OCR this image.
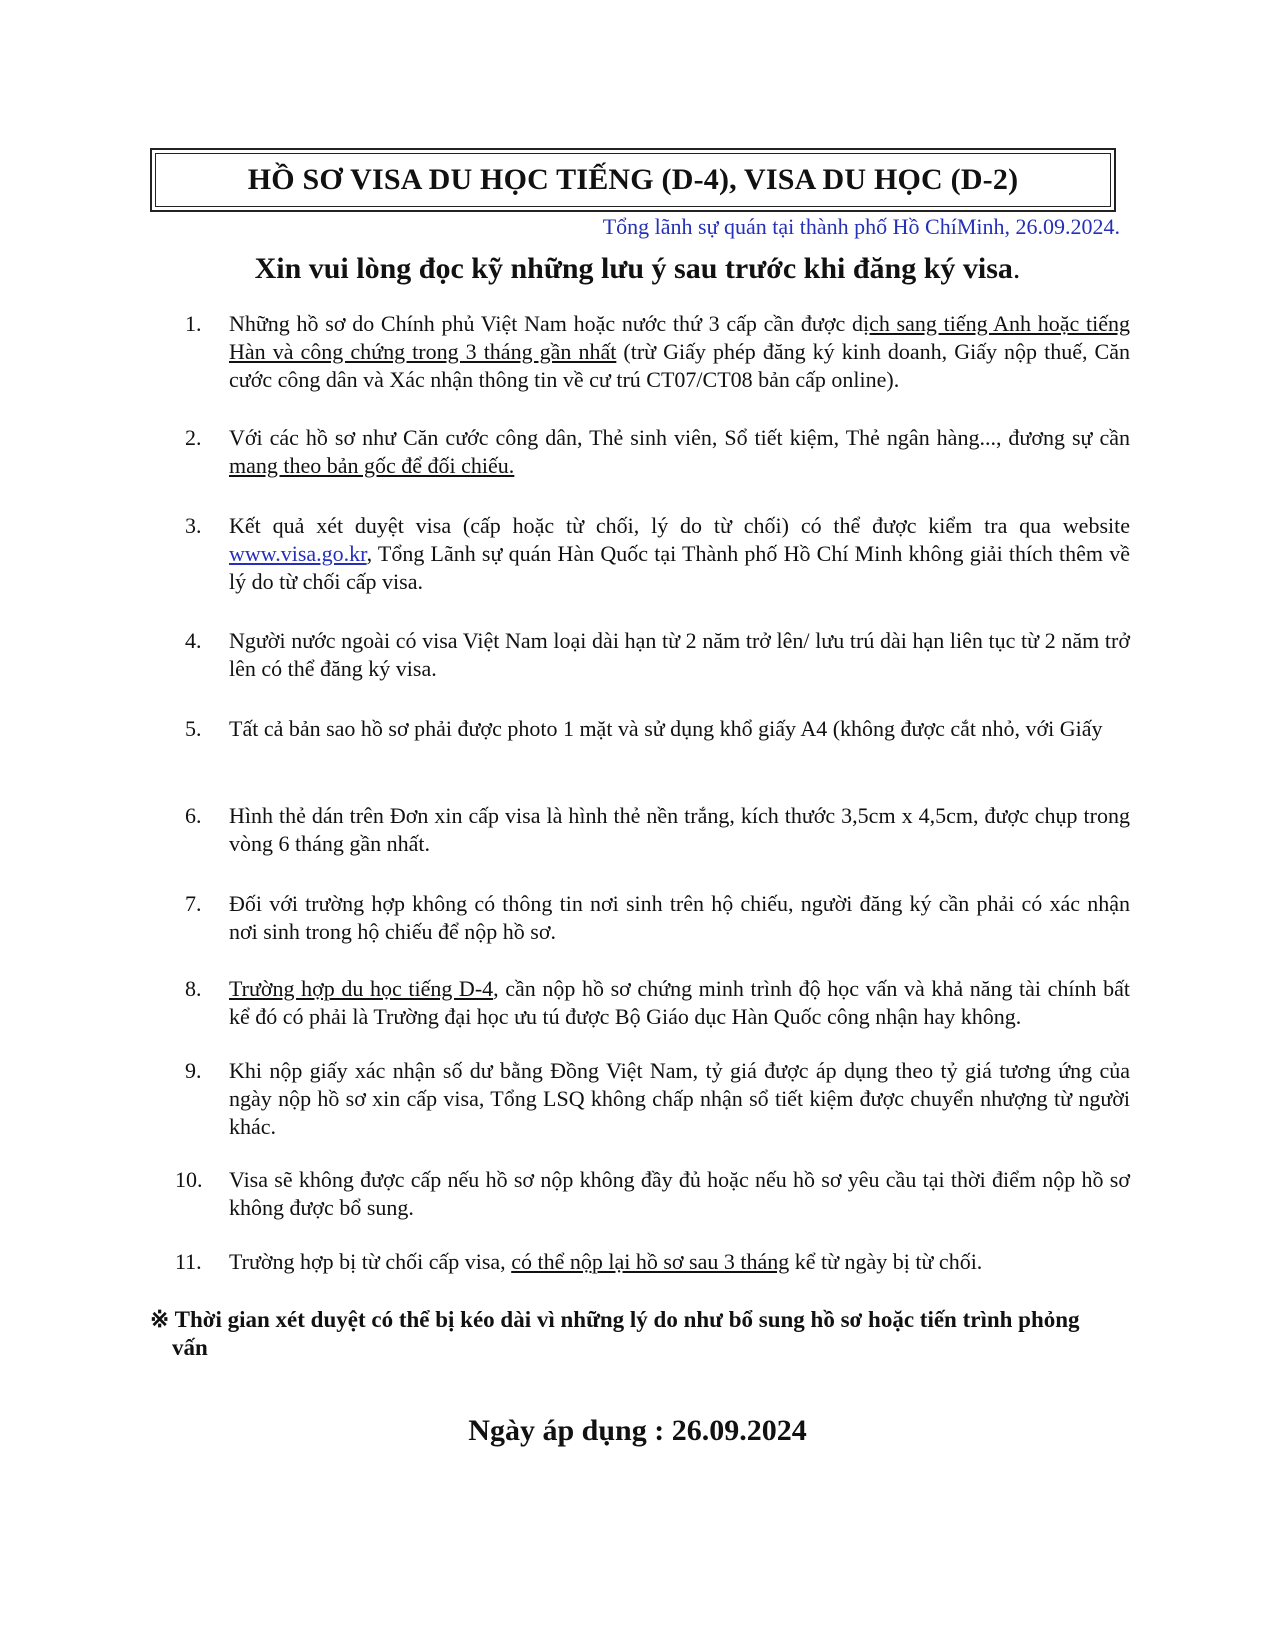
HỒ SƠ VISA DU HỌC TIẾNG (D-4), VISA DU HỌC (D-2)
Tổng lãnh sự quán tại thành phố Hồ ChíMinh, 26.09.2024.
Xin vui lòng đọc kỹ những lưu ý sau trước khi đăng ký visa.
1.	Những hồ sơ do Chính phủ Việt Nam hoặc nước thứ 3 cấp cần được dịch sang tiếng Anh hoặc tiếng Hàn và công chứng trong 3 tháng gần nhất (trừ Giấy phép đăng ký kinh doanh, Giấy nộp thuế, Căn cước công dân và Xác nhận thông tin về cư trú CT07/CT08 bản cấp online).
2.	Với các hồ sơ như Căn cước công dân, Thẻ sinh viên, Sổ tiết kiệm, Thẻ ngân hàng..., đương sự cần mang theo bản gốc để đối chiếu.
3.	Kết quả xét duyệt visa (cấp hoặc từ chối, lý do từ chối) có thể được kiểm tra qua website www.visa.go.kr, Tổng Lãnh sự quán Hàn Quốc tại Thành phố Hồ Chí Minh không giải thích thêm về lý do từ chối cấp visa.
4.	Người nước ngoài có visa Việt Nam loại dài hạn từ 2 năm trở lên/ lưu trú dài hạn liên tục từ 2 năm trở lên có thể đăng ký visa.
5.	Tất cả bản sao hồ sơ phải được photo 1 mặt và sử dụng khổ giấy A4 (không được cắt nhỏ, với Giấy
6.	Hình thẻ dán trên Đơn xin cấp visa là hình thẻ nền trắng, kích thước 3,5cm x 4,5cm, được chụp trong vòng 6 tháng gần nhất.
7.	Đối với trường hợp không có thông tin nơi sinh trên hộ chiếu, người đăng ký cần phải có xác nhận nơi sinh trong hộ chiếu để nộp hồ sơ.
8.	Trường hợp du học tiếng D-4, cần nộp hồ sơ chứng minh trình độ học vấn và khả năng tài chính bất kể đó có phải là Trường đại học ưu tú được Bộ Giáo dục Hàn Quốc công nhận hay không.
9.	Khi nộp giấy xác nhận số dư bằng Đồng Việt Nam, tỷ giá được áp dụng theo tỷ giá tương ứng của ngày nộp hồ sơ xin cấp visa, Tổng LSQ không chấp nhận sổ tiết kiệm được chuyển nhượng từ người khác.
10.	Visa sẽ không được cấp nếu hồ sơ nộp không đầy đủ hoặc nếu hồ sơ yêu cầu tại thời điểm nộp hồ sơ không được bổ sung.
11.	Trường hợp bị từ chối cấp visa, có thể nộp lại hồ sơ sau 3 tháng kể từ ngày bị từ chối.
※ Thời gian xét duyệt có thể bị kéo dài vì những lý do như bổ sung hồ sơ hoặc tiến trình phỏng vấn
Ngày áp dụng : 26.09.2024
